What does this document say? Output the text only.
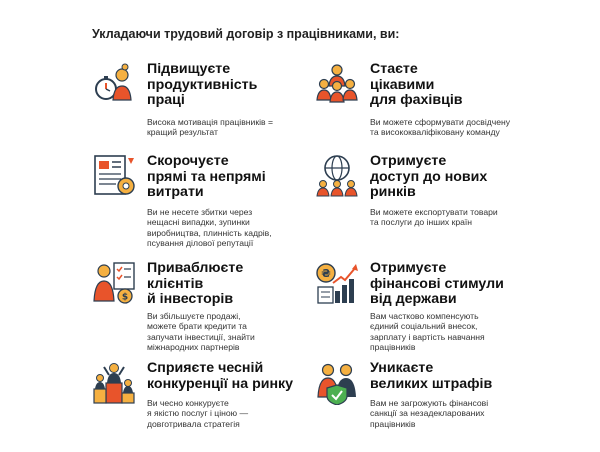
Укладаючи трудовий договір з працівниками, ви:
Підвищуєте
продуктивність
праці
Висока мотивація працівників =
кращий результат
Стаєте
цікавими
для фахівців
Ви можете сформувати досвідчену
та висококваліфіковану команду
Скорочуєте
прямі та непрямі
витрати
Ви не несете збитки через
нещасні випадки, зупинки
виробництва, плинність кадрів,
псування ділової репутації
Отримуєте
доступ до нових
ринків
Ви можете експортувати товари
та послуги до інших країн
$
Приваблюєте
клієнтів
й інвесторів
Ви збільшуєте продажі,
можете брати кредити та
запучати інвестиції, знайти
міжнародних партнерів
₴	Отримуєте
фінансові стимули
від держави
Вам частково компенсують
єдиний соціальний внесок,
зарплату і вартість навчання
працівників
Сприяєте чесній
конкуренції на ринку
Ви чесно конкуруєте
я якістю послуг і ціною —
довготривала стратегія
Уникаєте
великих штрафів
Вам не загрожують фінансові
санкції за незадекларованих
працівників
